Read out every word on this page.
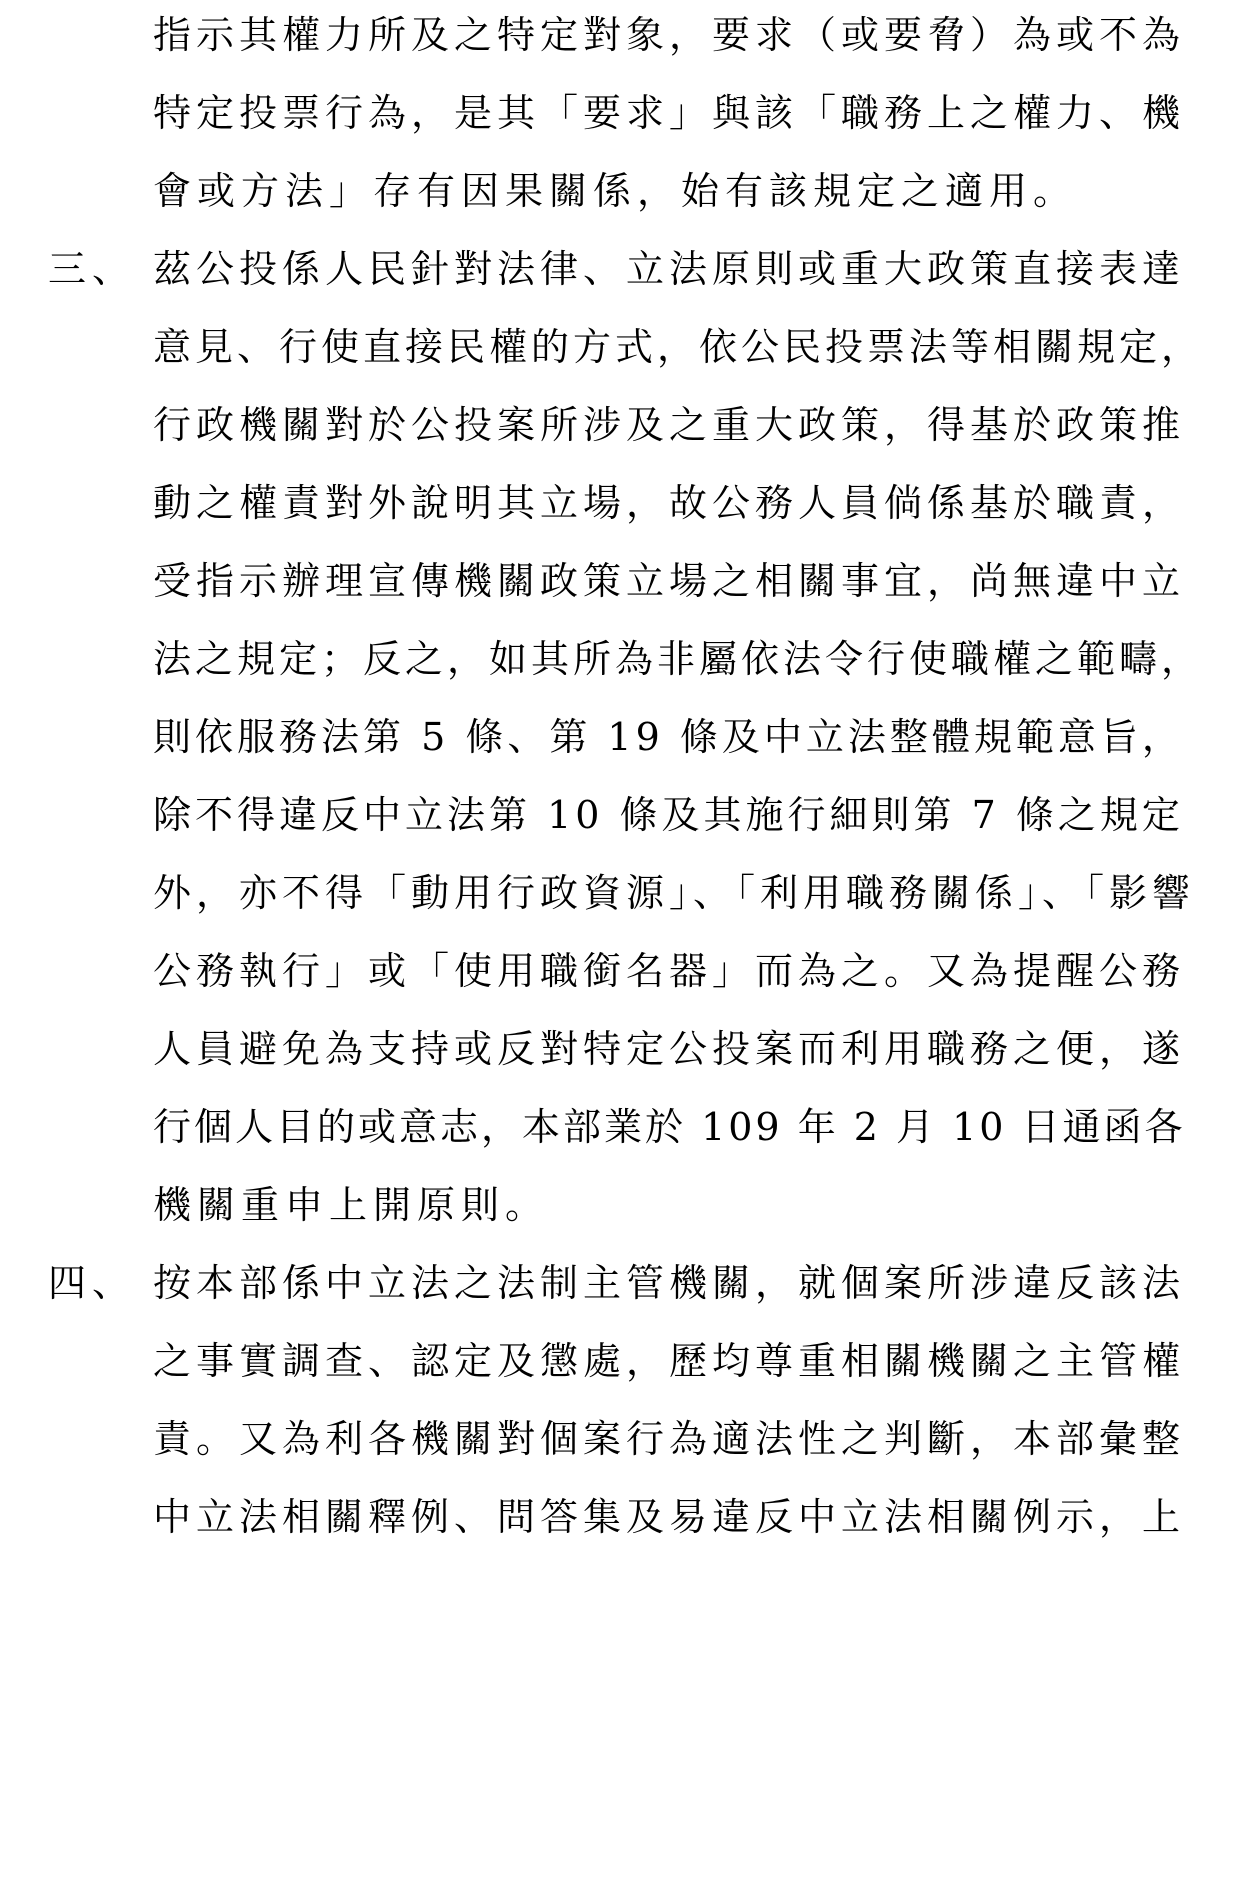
指示其權力所及之特定對象，要求（或要脅）為或不為
特定投票行為，是其「要求」與該「職務上之權力、機
會或方法」存有因果關係，始有該規定之適用。
三、 茲公投係人民針對法律、立法原則或重大政策直接表達
意見、行使直接民權的方式，依公民投票法等相關規定，
行政機關對於公投案所涉及之重大政策，得基於政策推
動之權責對外說明其立場，故公務人員倘係基於職責，
受指示辦理宣傳機關政策立場之相關事宜，尚無違中立
法之規定；反之，如其所為非屬依法令行使職權之範疇，
則依服務法第 5 條、第 19 條及中立法整體規範意旨，
除不得違反中立法第 10 條及其施行細則第 7 條之規定
外，亦不得「動用行政資源」、「利用職務關係」、「影響
公務執行」或「使用職銜名器」而為之。又為提醒公務
人員避免為支持或反對特定公投案而利用職務之便，遂
行個人目的或意志，本部業於 109 年 2 月 10 日通函各
機關重申上開原則。
四、 按本部係中立法之法制主管機關，就個案所涉違反該法
之事實調查、認定及懲處，歷均尊重相關機關之主管權
責。又為利各機關對個案行為適法性之判斷，本部彙整
中立法相關釋例、問答集及易違反中立法相關例示，上
